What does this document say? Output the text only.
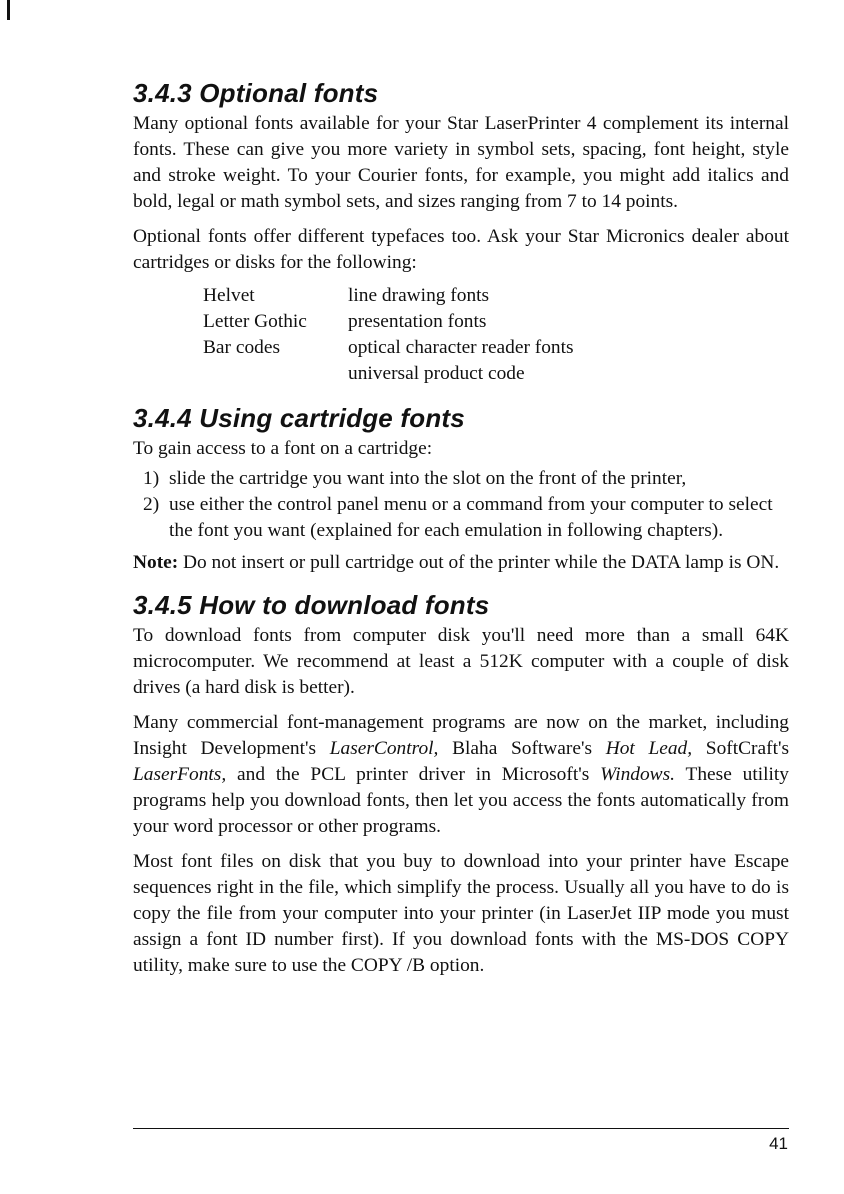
3.4.3 Optional fonts

Many optional fonts available for your Star LaserPrinter 4 complement its internal fonts. These can give you more variety in symbol sets, spacing, font height, style and stroke weight. To your Courier fonts, for example, you might add italics and bold, legal or math symbol sets, and sizes ranging from 7 to 14 points.

Optional fonts offer different typefaces too. Ask your Star Micronics dealer about cartridges or disks for the following:

Helvet	line drawing fonts
Letter Gothic	presentation fonts
Bar codes	optical character reader fonts
	universal product code
3.4.4 Using cartridge fonts

To gain access to a font on a cartridge:

1) slide the cartridge you want into the slot on the front of the printer,
2) use either the control panel menu or a command from your computer to select the font you want (explained for each emulation in following chapters).
Note: Do not insert or pull cartridge out of the printer while the DATA lamp is ON.
3.4.5 How to download fonts

To download fonts from computer disk you'll need more than a small 64K microcomputer. We recommend at least a 512K computer with a couple of disk drives (a hard disk is better).

Many commercial font-management programs are now on the market, including Insight Development's LaserControl, Blaha Software's Hot Lead, SoftCraft's LaserFonts, and the PCL printer driver in Microsoft's Windows. These utility programs help you download fonts, then let you access the fonts automatically from your word processor or other programs.

Most font files on disk that you buy to download into your printer have Escape sequences right in the file, which simplify the process. Usually all you have to do is copy the file from your computer into your printer (in LaserJet IIP mode you must assign a font ID number first). If you download fonts with the MS-DOS COPY utility, make sure to use the COPY /B option.

41
